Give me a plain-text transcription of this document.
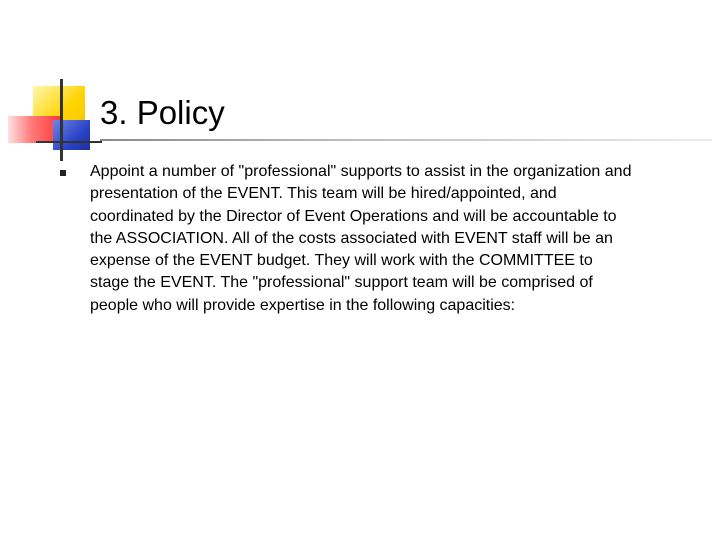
3. Policy
Appoint a number of "professional" supports to assist in the organization and
presentation of the EVENT. This team will be hired/appointed, and
coordinated by the Director of Event Operations and will be accountable to
the ASSOCIATION. All of the costs associated with EVENT staff will be an
expense of the EVENT budget. They will work with the COMMITTEE to
stage the EVENT. The "professional" support team will be comprised of
people who will provide expertise in the following capacities:
